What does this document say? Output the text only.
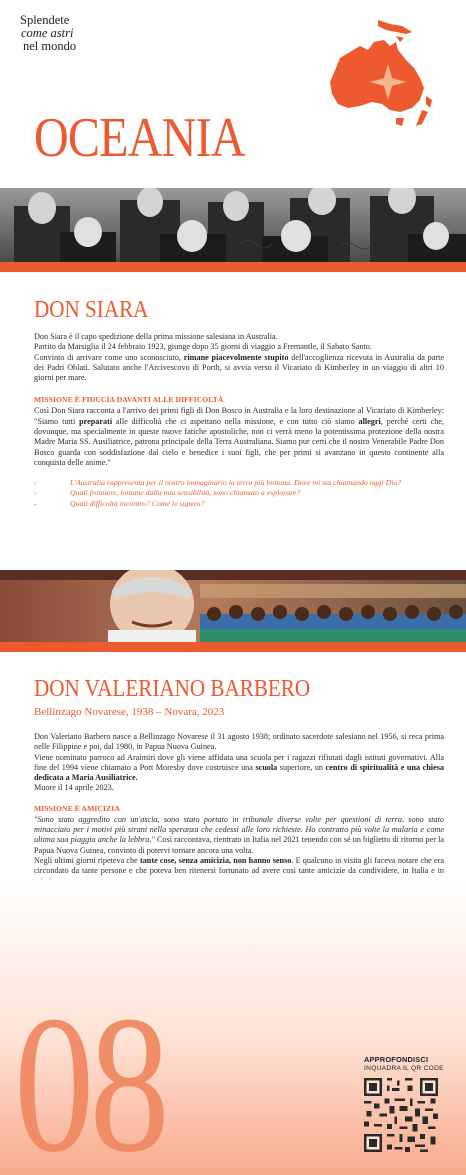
Splendete
come astri
nel mondo
OCEANIA
DON SIARA
Don Siara è il capo spedizione della prima missione salesiana in Australia.
Partito da Marsiglia il 24 febbraio 1923, giunge dopo 35 giorni di viaggio a Fremantle, il Sabato Santo.
Convinto di arrivare come uno sconosciuto, rimane piacevolmente stupito dell'accoglienza ricevuta in Australia da parte dei Padri Oblati. Salutato anche l'Arcivescovo di Porth, si avvia verso il Vicariato di Kimberley in un viaggio di altri 10 giorni per mare.
MISSIONE È FIDUCIA DAVANTI ALLE DIFFICOLTÀ
Così Don Siara racconta a l'arrivo dei primi figli di Don Bosco in Australia e la loro destinazione al Vicariato di Kimberley: "Siamo tutti preparati alle difficoltà che ci aspettano nella missione, e con tutto ciò siamo allegri, perché certi che, dovunque, ma specialmente in queste nuove fatiche apostoliche, non ci verrà meno la potentissima protezione della nostra Madre Maria SS. Ausiliatrice, patrona principale della Terra Australiana. Siamo pur certi che il nostro Venerabile Padre Don Bosco guarda con soddisfazione dal cielo e benedice i suoi figli, che per primi si avanzano in questo continente alla conquista delle anime."
- L'Australia rappresenta per il nostro immaginario la terra più lontana. Dove mi sta chiamando oggi Dio?
- Quali frontiere, lontane dalla mia sensibilità, sono chiamato a esplorare?
- Quali difficoltà incontro? Come le supero?
DON VALERIANO BARBERO
Bellinzago Novarese, 1938 – Novara, 2023
Don Valeriano Barbero nasce a Bellinzago Novarese il 31 agosto 1938; ordinato sacerdote salesiano nel 1956, si reca prima nelle Filippine e poi, dal 1980, in Papua Nuova Guinea.
Viene nominato parroco ad Araimiri dove gli viene affidata una scuola per i ragazzi rifiutati dagli istituti governativi. Alla fine del 1994 viene chiamato a Port Moresby dove costruisce una scuola superiore, un centro di spiritualità e una chiesa dedicata a Maria Ausiliatrice.
Muore il 14 aprile 2023.
MISSIONE È AMICIZIA
"Sono stato aggredito con un'ascia, sono stato portato in tribunale diverse volte per questioni di terra, sono stato minacciato per i motivi più strani nella speranza che cedessi alle loro richieste. Ho contratto più volte la malaria e come ultima sua piaggia anche la lebbra." Così raccontava, rientrato in Italia nel 2021 tenendo con sé un biglietto di ritorno per la Papua Nuova Guinea, convinto di potervi tornare ancora una volta.
Negli ultimi giorni ripeteva che tante cose, senza amicizia, non hanno senso. E qualcuno in visita gli faceva notare che era circondato da tante persone e che poteva ben ritenersi fortunato ad avere così tante amicizie da condividere, in Italia e in
-
-
-
08	APPROFONDISCI
INQUADRA IL QR CODE
